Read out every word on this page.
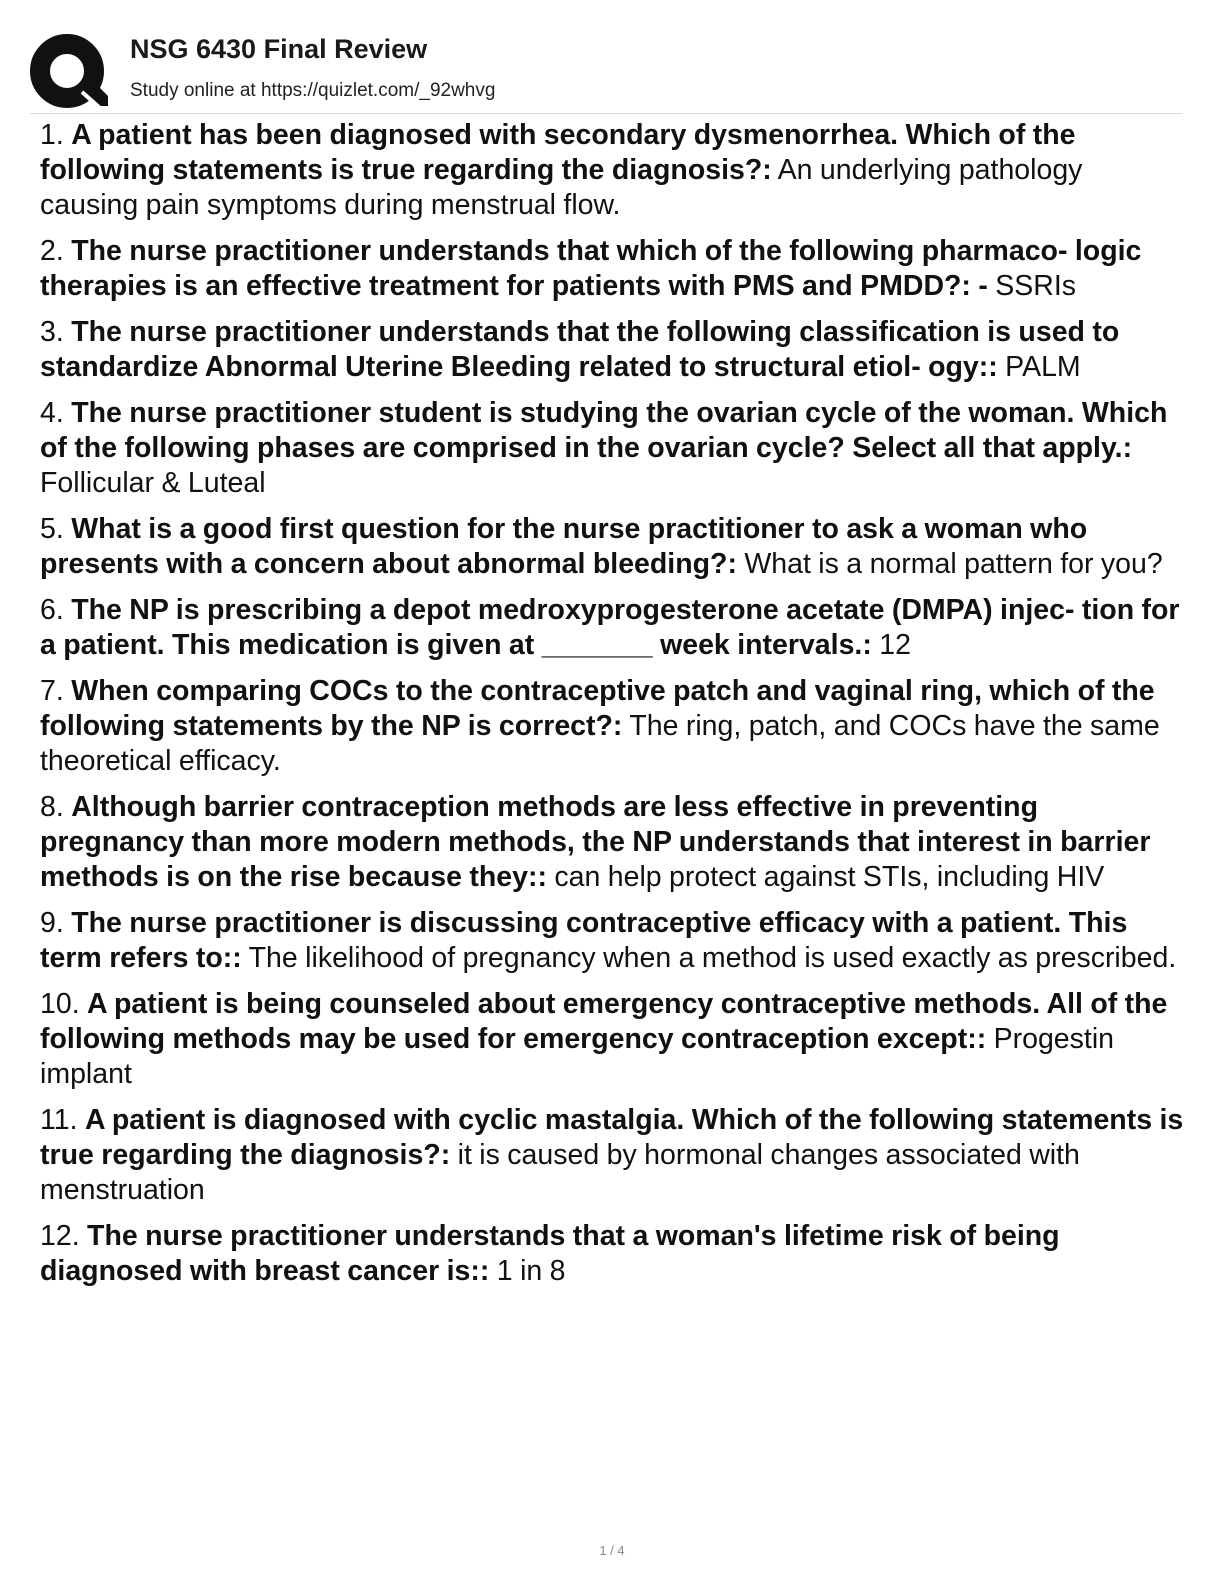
NSG 6430 Final Review
Study online at https://quizlet.com/_92whvg
1. A patient has been diagnosed with secondary dysmenorrhea. Which of the following statements is true regarding the diagnosis?: An underlying pathology causing pain symptoms during menstrual flow.
2. The nurse practitioner understands that which of the following pharmaco- logic therapies is an effective treatment for patients with PMS and PMDD?: - SSRIs
3. The nurse practitioner understands that the following classification is used to standardize Abnormal Uterine Bleeding related to structural etiol- ogy:: PALM
4. The nurse practitioner student is studying the ovarian cycle of the woman. Which of the following phases are comprised in the ovarian cycle? Select all that apply.: Follicular & Luteal
5. What is a good first question for the nurse practitioner to ask a woman who presents with a concern about abnormal bleeding?: What is a normal pattern for you?
6. The NP is prescribing a depot medroxyprogesterone acetate (DMPA) injec- tion for a patient. This medication is given at _______ week intervals.: 12
7. When comparing COCs to the contraceptive patch and vaginal ring, which of the following statements by the NP is correct?: The ring, patch, and COCs have the same theoretical efficacy.
8. Although barrier contraception methods are less effective in preventing pregnancy than more modern methods, the NP understands that interest in barrier methods is on the rise because they:: can help protect against STIs, including HIV
9. The nurse practitioner is discussing contraceptive efficacy with a patient. This term refers to:: The likelihood of pregnancy when a method is used exactly as prescribed.
10. A patient is being counseled about emergency contraceptive methods. All of the following methods may be used for emergency contraception except:: Progestin implant
11. A patient is diagnosed with cyclic mastalgia. Which of the following statements is true regarding the diagnosis?: it is caused by hormonal changes associated with menstruation
12. The nurse practitioner understands that a woman's lifetime risk of being diagnosed with breast cancer is:: 1 in 8
1 / 4
